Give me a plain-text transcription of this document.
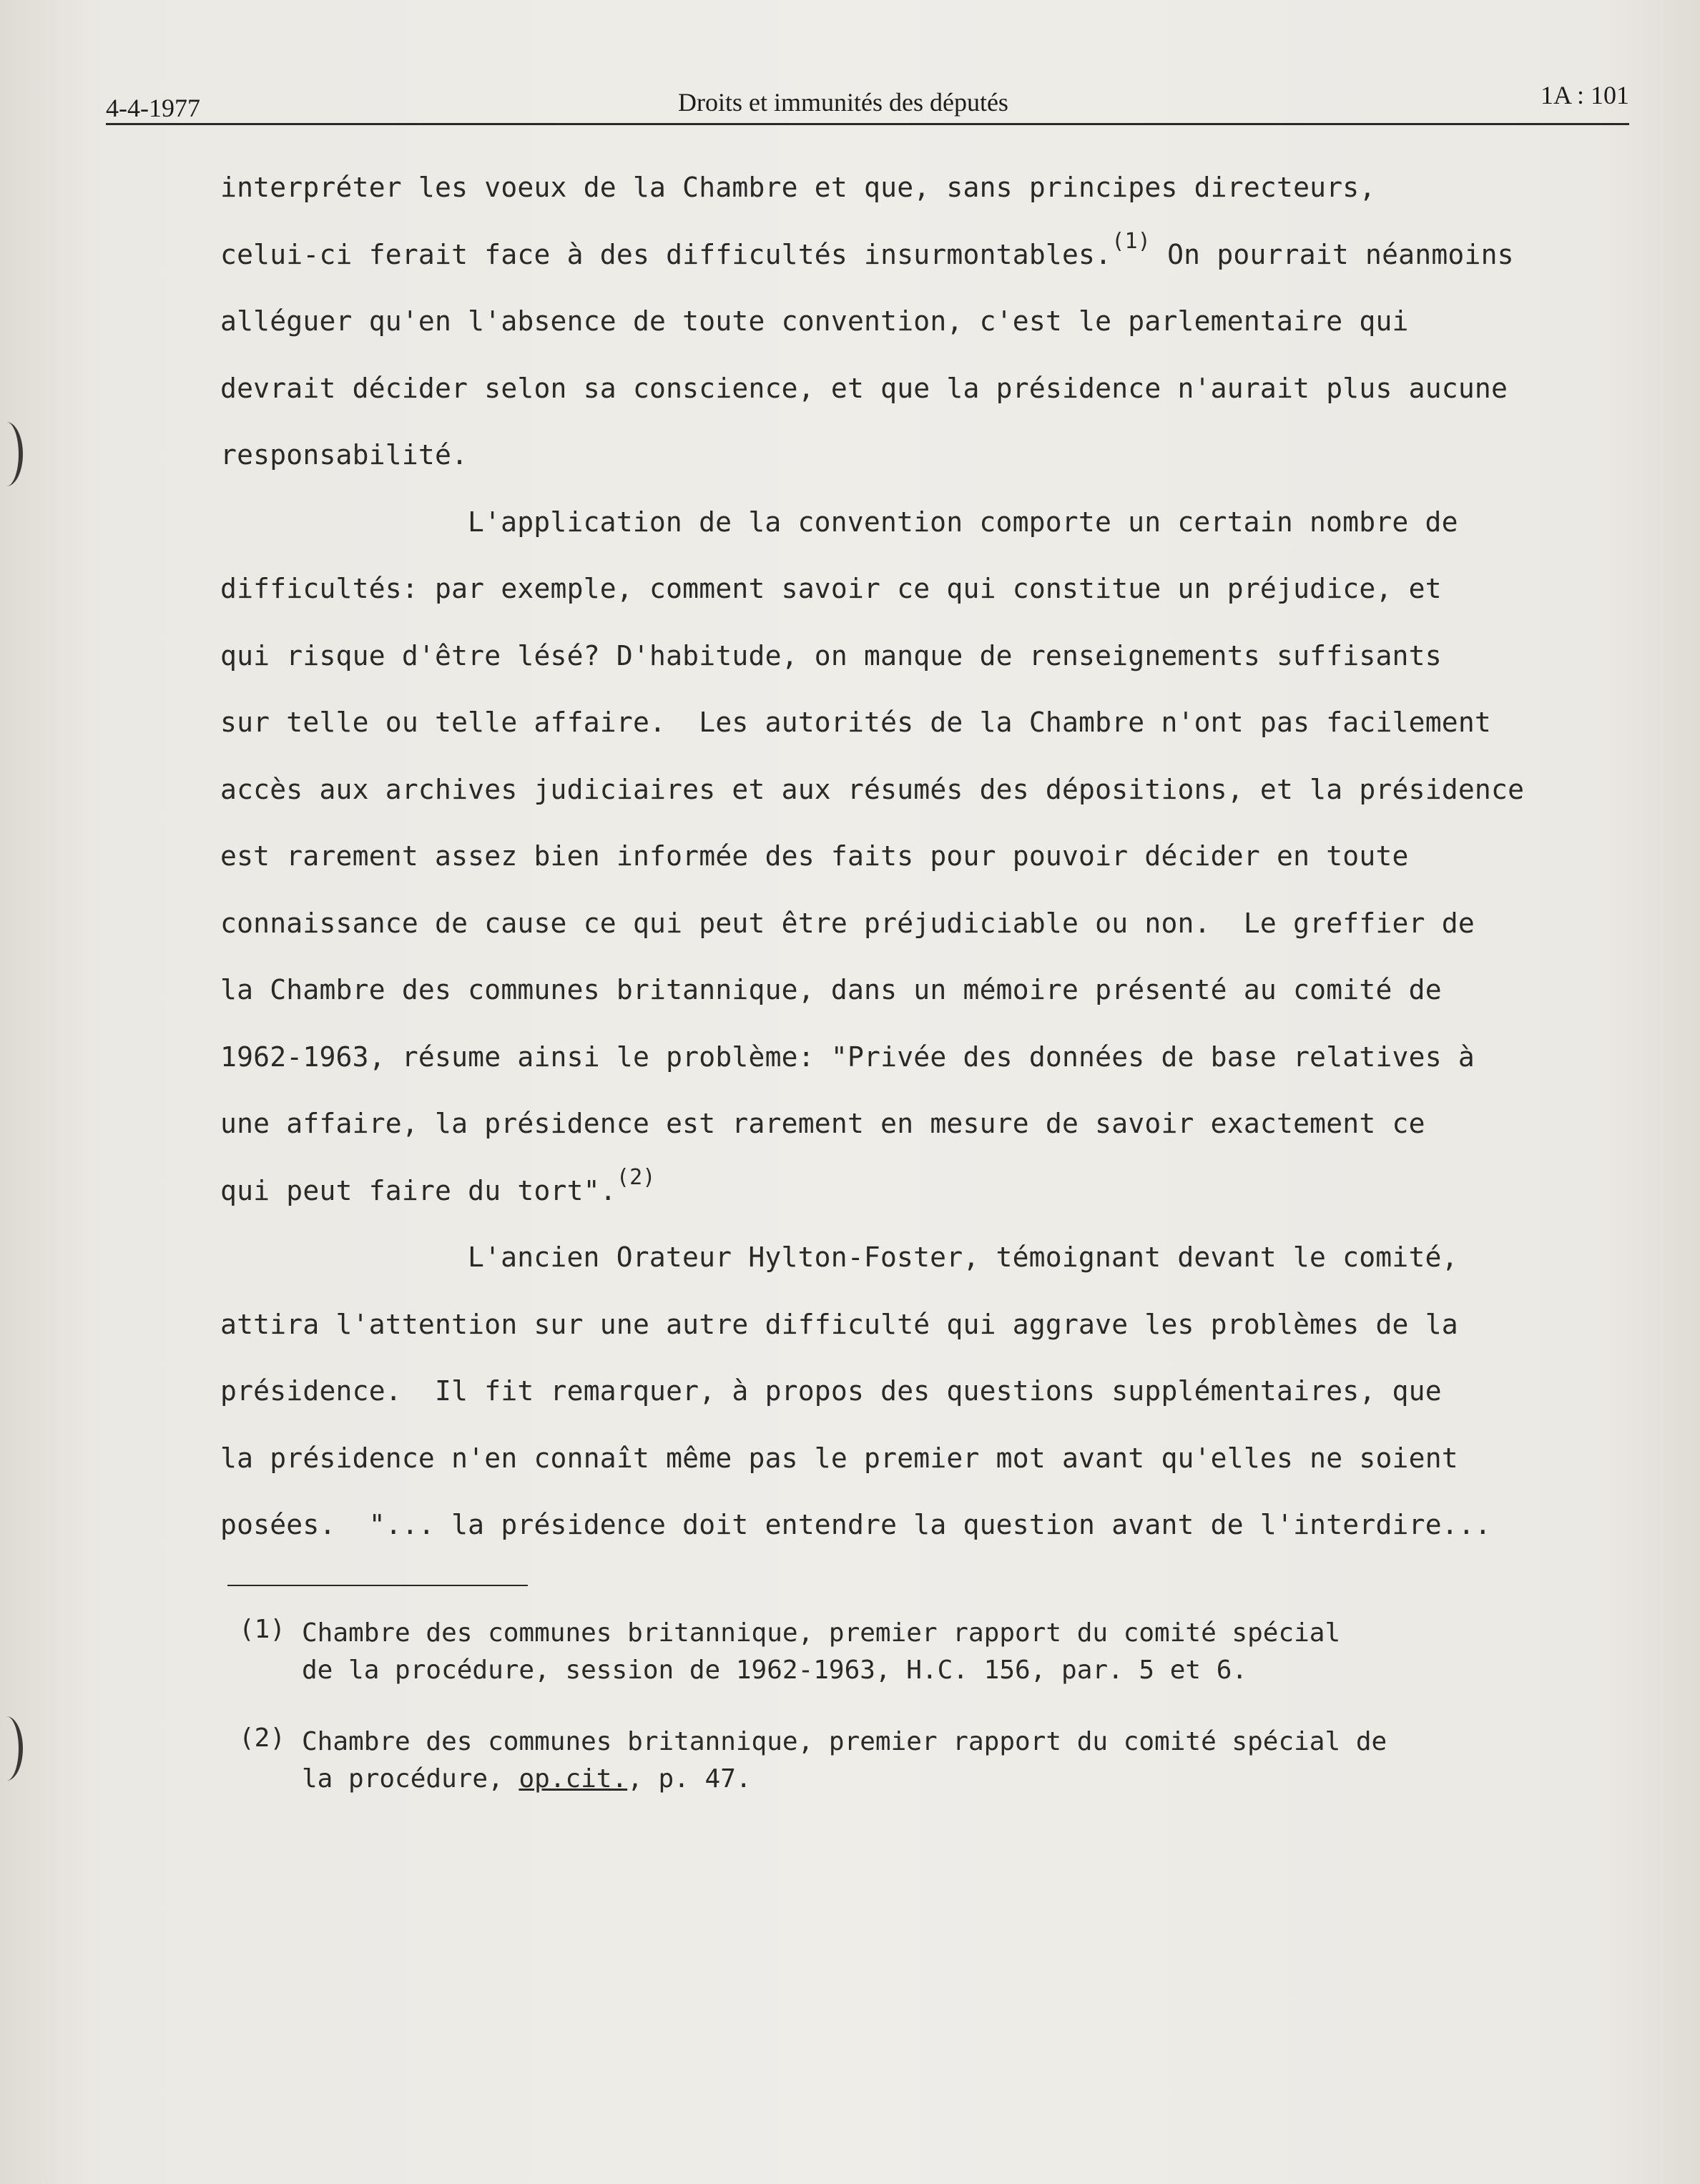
4-4-1977	Droits et immunités des députés	1A : 101
interpréter les voeux de la Chambre et que, sans principes directeurs,
celui-ci ferait face à des difficultés insurmontables.$^{(1)}$ On pourrait néanmoins
alléguer qu'en l'absence de toute convention, c'est le parlementaire qui
devrait décider selon sa conscience, et que la présidence n'aurait plus aucune
responsabilité.
L'application de la convention comporte un certain nombre de
difficultés: par exemple, comment savoir ce qui constitue un préjudice, et
qui risque d'être lésé? D'habitude, on manque de renseignements suffisants
sur telle ou telle affaire.  Les autorités de la Chambre n'ont pas facilement
accès aux archives judiciaires et aux résumés des dépositions, et la présidence
est rarement assez bien informée des faits pour pouvoir décider en toute
connaissance de cause ce qui peut être préjudiciable ou non.  Le greffier de
la Chambre des communes britannique, dans un mémoire présenté au comité de
1962-1963, résume ainsi le problème: "Privée des données de base relatives à
une affaire, la présidence est rarement en mesure de savoir exactement ce
qui peut faire du tort".$^{(2)}$
L'ancien Orateur Hylton-Foster, témoignant devant le comité,
attira l'attention sur une autre difficulté qui aggrave les problèmes de la
présidence.  Il fit remarquer, à propos des questions supplémentaires, que
la présidence n'en connaît même pas le premier mot avant qu'elles ne soient
posées.  "... la présidence doit entendre la question avant de l'interdire...
(1) Chambre des communes britannique, premier rapport du comité spécial
de la procédure, session de 1962-1963, H.C. 156, par. 5 et 6.
(2) Chambre des communes britannique, premier rapport du comité spécial de
la procédure, op.cit., p. 47.
